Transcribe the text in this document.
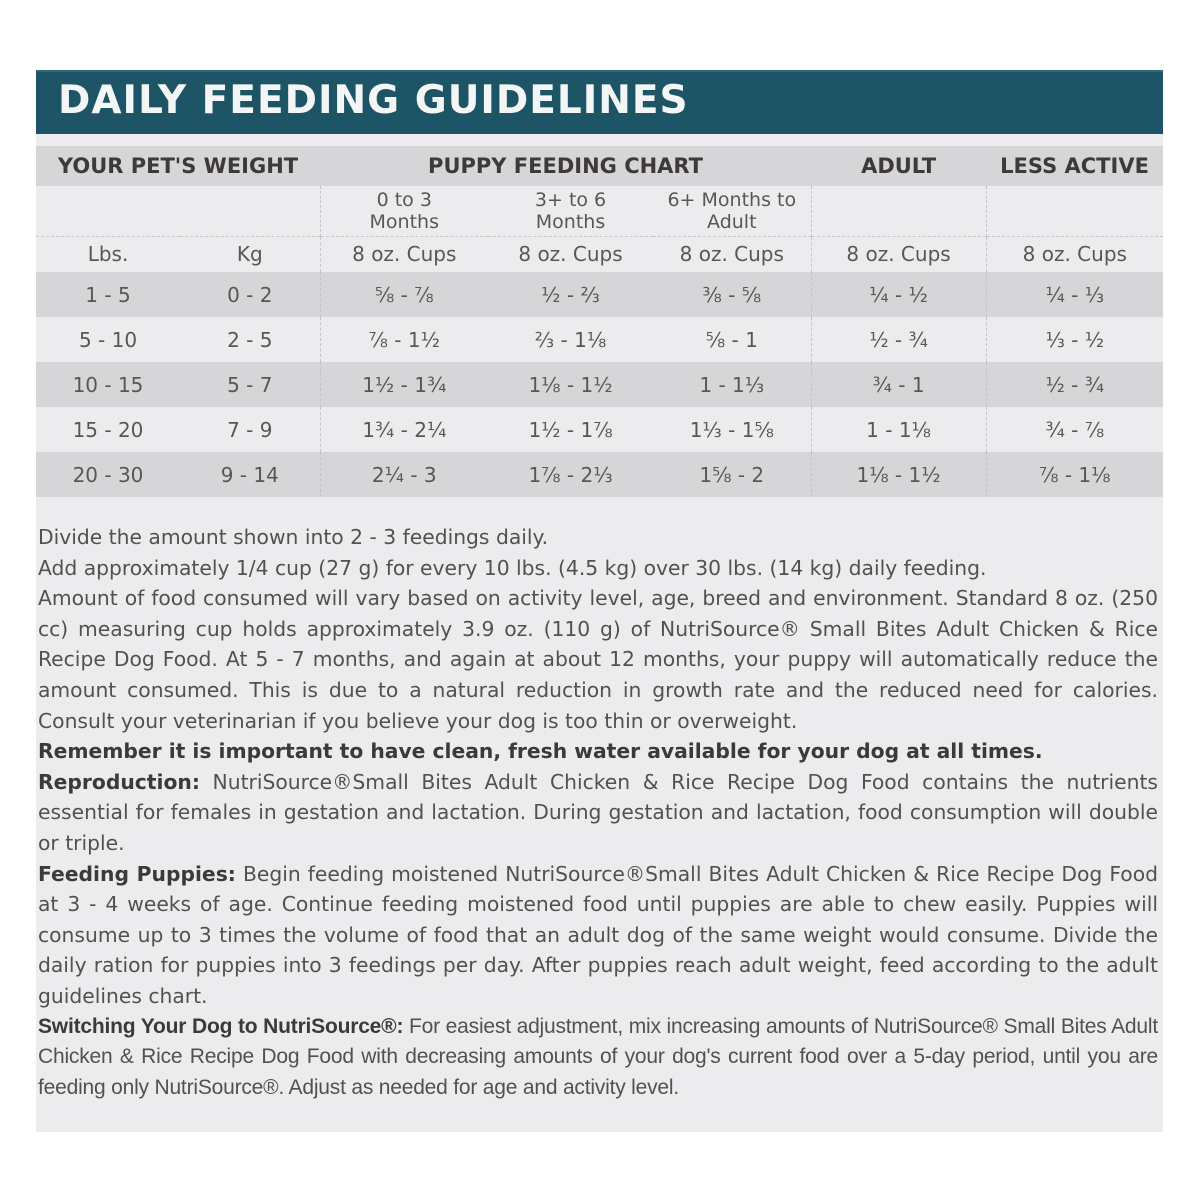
DAILY FEEDING GUIDELINES
YOUR PET'S WEIGHT		PUPPY FEEDING CHART			ADULT	LESS ACTIVE
		0 to 3 Months	3+ to 6 Months	6+ Months to Adult		
Lbs.	Kg	8 oz. Cups	8 oz. Cups	8 oz. Cups	8 oz. Cups	8 oz. Cups
1 - 5	0 - 2	⅝ - ⅞	½ - ⅔	⅜ - ⅝	¼ - ½	¼ - ⅓
5 - 10	2 - 5	⅞ - 1½	⅔ - 1⅛	⅝ - 1	½ - ¾	⅓ - ½
10 - 15	5 - 7	1½ - 1¾	1⅛ - 1½	1 - 1⅓	¾ - 1	½ - ¾
15 - 20	7 - 9	1¾ - 2¼	1½ - 1⅞	1⅓ - 1⅝	1 - 1⅛	¾ - ⅞
20 - 30	9 - 14	2¼ - 3	1⅞ - 2⅓	1⅝ - 2	1⅛ - 1½	⅞ - 1⅛

Divide the amount shown into 2 - 3 feedings daily.

Add approximately 1/4 cup (27 g) for every 10 lbs. (4.5 kg) over 30 lbs. (14 kg) daily feeding.

Amount of food consumed will vary based on activity level, age, breed and environment. Standard 8 oz. (250 cc) measuring cup holds approximately 3.9 oz. (110 g) of NutriSource® Small Bites Adult Chicken & Rice Recipe Dog Food. At 5 - 7 months, and again at about 12 months, your puppy will automatically reduce the amount consumed. This is due to a natural reduction in growth rate and the reduced need for calories. Consult your veterinarian if you believe your dog is too thin or overweight.

Remember it is important to have clean, fresh water available for your dog at all times.

Reproduction: NutriSource®Small Bites Adult Chicken & Rice Recipe Dog Food contains the nutrients essential for females in gestation and lactation. During gestation and lactation, food consumption will double or triple.

Feeding Puppies: Begin feeding moistened NutriSource®Small Bites Adult Chicken & Rice Recipe Dog Food at 3 - 4 weeks of age. Continue feeding moistened food until puppies are able to chew easily. Puppies will consume up to 3 times the volume of food that an adult dog of the same weight would consume. Divide the daily ration for puppies into 3 feedings per day. After puppies reach adult weight, feed according to the adult guidelines chart.

Switching Your Dog to NutriSource®: For easiest adjustment, mix increasing amounts of NutriSource® Small Bites Adult Chicken & Rice Recipe Dog Food with decreasing amounts of your dog's current food over a 5-day period, until you are feeding only NutriSource®. Adjust as needed for age and activity level.
